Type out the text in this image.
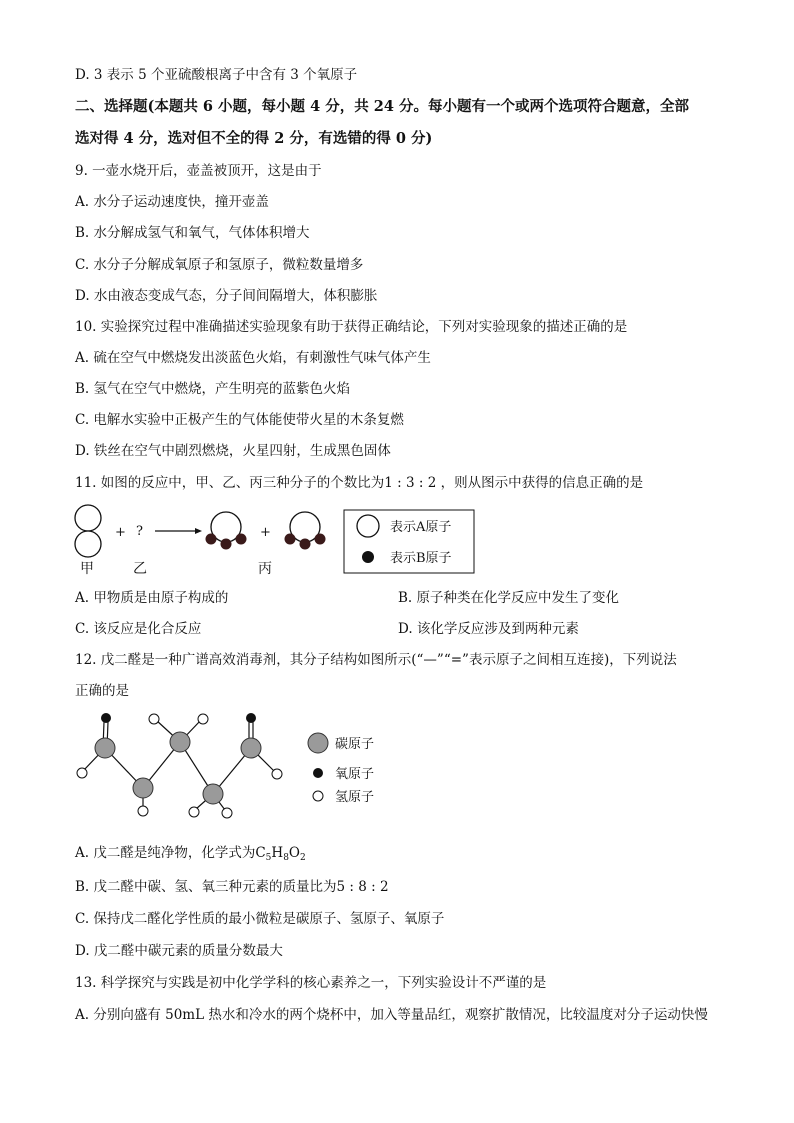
D. 3 表示 5 个亚硫酸根离子中含有 3 个氧原子
二、选择题(本题共 6 小题，每小题 4 分，共 24 分。每小题有一个或两个选项符合题意，全部
选对得 4 分，选对但不全的得 2 分，有选错的得 0 分)
9. 一壶水烧开后，壶盖被顶开，这是由于
A. 水分子运动速度快，撞开壶盖
B. 水分解成氢气和氧气，气体体积增大
C. 水分子分解成氧原子和氢原子，微粒数量增多
D. 水由液态变成气态，分子间间隔增大，体积膨胀
10. 实验探究过程中准确描述实验现象有助于获得正确结论，下列对实验现象的描述正确的是
A. 硫在空气中燃烧发出淡蓝色火焰，有刺激性气味气体产生
B. 氢气在空气中燃烧，产生明亮的蓝紫色火焰
C. 电解水实验中正极产生的气体能使带火星的木条复燃
D. 铁丝在空气中剧烈燃烧，火星四射，生成黑色固体
11. 如图的反应中，甲、乙、丙三种分子的个数比为1 : 3 : 2 ，则从图示中获得的信息正确的是
甲
+ ?
乙
+
丙
表示A原子
表示B原子
A. 甲物质是由原子构成的	B. 原子种类在化学反应中发生了变化
C. 该反应是化合反应	D. 该化学反应涉及到两种元素
12. 戊二醛是一种广谱高效消毒剂，其分子结构如图所示(“—”“=”表示原子之间相互连接)，下列说法
正确的是
碳原子
氧原子
氢原子
A. 戊二醛是纯净物，化学式为$C_5H_8O_2$
B. 戊二醛中碳、氢、氧三种元素的质量比为5 : 8 : 2
C. 保持戊二醛化学性质的最小微粒是碳原子、氢原子、氧原子
D. 戊二醛中碳元素的质量分数最大
13. 科学探究与实践是初中化学学科的核心素养之一，下列实验设计不严谨的是
A. 分别向盛有 50mL 热水和冷水的两个烧杯中，加入等量品红，观察扩散情况，比较温度对分子运动快慢
